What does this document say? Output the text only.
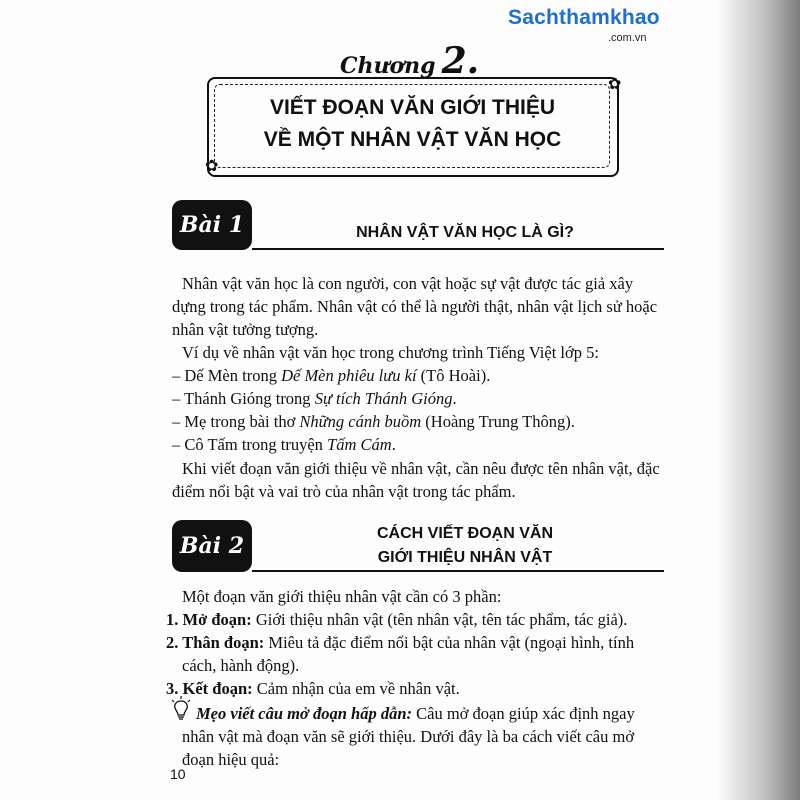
Sachthamkhao
.com.vn
Chương 2.
✿
✿
VIẾT ĐOẠN VĂN GIỚI THIỆU
VỀ MỘT NHÂN VẬT VĂN HỌC
Bài 1	NHÂN VẬT VĂN HỌC LÀ GÌ?
Nhân vật văn học là con người, con vật hoặc sự vật được tác giả xây
dựng trong tác phẩm. Nhân vật có thể là người thật, nhân vật lịch sử hoặc
nhân vật tưởng tượng.
Ví dụ về nhân vật văn học trong chương trình Tiếng Việt lớp 5:
– Dế Mèn trong Dế Mèn phiêu lưu kí (Tô Hoài).
– Thánh Gióng trong Sự tích Thánh Gióng.
– Mẹ trong bài thơ Những cánh buồm (Hoàng Trung Thông).
– Cô Tấm trong truyện Tấm Cám.
Khi viết đoạn văn giới thiệu về nhân vật, cần nêu được tên nhân vật, đặc
điểm nổi bật và vai trò của nhân vật trong tác phẩm.
Bài 2	CÁCH VIẾT ĐOẠN VĂN
GIỚI THIỆU NHÂN VẬT
Một đoạn văn giới thiệu nhân vật cần có 3 phần:
1. Mở đoạn: Giới thiệu nhân vật (tên nhân vật, tên tác phẩm, tác giả).
2. Thân đoạn: Miêu tả đặc điểm nổi bật của nhân vật (ngoại hình, tính
cách, hành động).
3. Kết đoạn: Cảm nhận của em về nhân vật.
Mẹo viết câu mở đoạn hấp dẫn: Câu mở đoạn giúp xác định ngay
nhân vật mà đoạn văn sẽ giới thiệu. Dưới đây là ba cách viết câu mở
đoạn hiệu quả:
10
